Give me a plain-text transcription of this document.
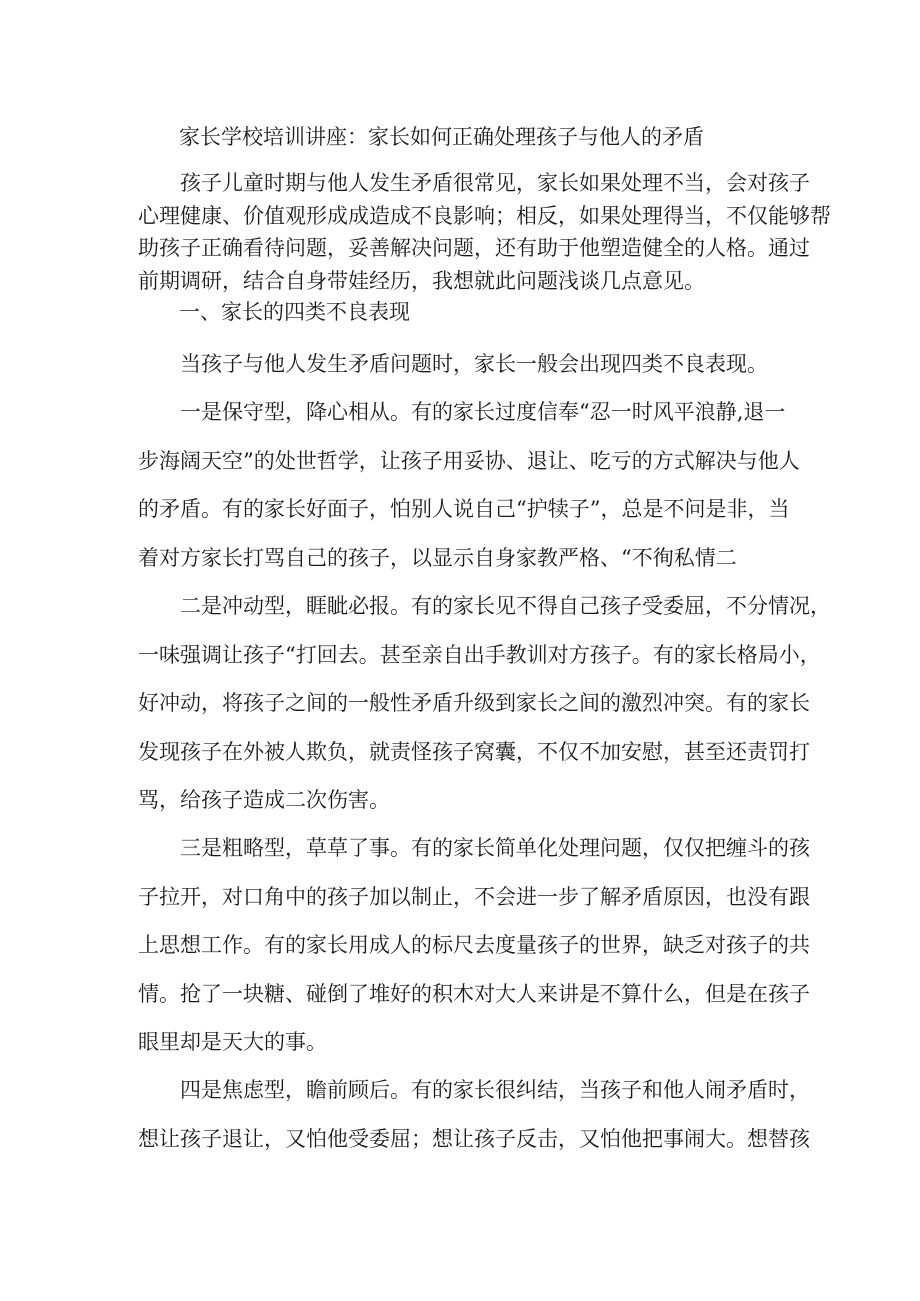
家长学校培训讲座：家长如何正确处理孩子与他人的矛盾
　　孩子儿童时期与他人发生矛盾很常见，家长如果处理不当，会对孩子
心理健康、价值观形成成造成不良影响；相反，如果处理得当，不仅能够帮
助孩子正确看待问题，妥善解决问题，还有助于他塑造健全的人格。通过
前期调研，结合自身带娃经历，我想就此问题浅谈几点意见。
一、家长的四类不良表现
　　当孩子与他人发生矛盾问题时，家长一般会出现四类不良表现。
　　一是保守型，降心相从。有的家长过度信奉“忍一时风平浪静,退一
步海阔天空”的处世哲学，让孩子用妥协、退让、吃亏的方式解决与他人
的矛盾。有的家长好面子，怕别人说自己“护犊子”，总是不问是非，当
着对方家长打骂自己的孩子，以显示自身家教严格、“不徇私情二
　　二是冲动型，睚眦必报。有的家长见不得自己孩子受委屈，不分情况，
一味强调让孩子“打回去。甚至亲自出手教训对方孩子。有的家长格局小，
好冲动，将孩子之间的一般性矛盾升级到家长之间的激烈冲突。有的家长
发现孩子在外被人欺负，就责怪孩子窝囊，不仅不加安慰，甚至还责罚打
骂，给孩子造成二次伤害。
　　三是粗略型，草草了事。有的家长简单化处理问题，仅仅把缠斗的孩
子拉开，对口角中的孩子加以制止，不会进一步了解矛盾原因，也没有跟
上思想工作。有的家长用成人的标尺去度量孩子的世界，缺乏对孩子的共
情。抢了一块糖、碰倒了堆好的积木对大人来讲是不算什么，但是在孩子
眼里却是天大的事。
　　四是焦虑型，瞻前顾后。有的家长很纠结，当孩子和他人闹矛盾时，
想让孩子退让，又怕他受委屈；想让孩子反击，又怕他把事闹大。想替孩
